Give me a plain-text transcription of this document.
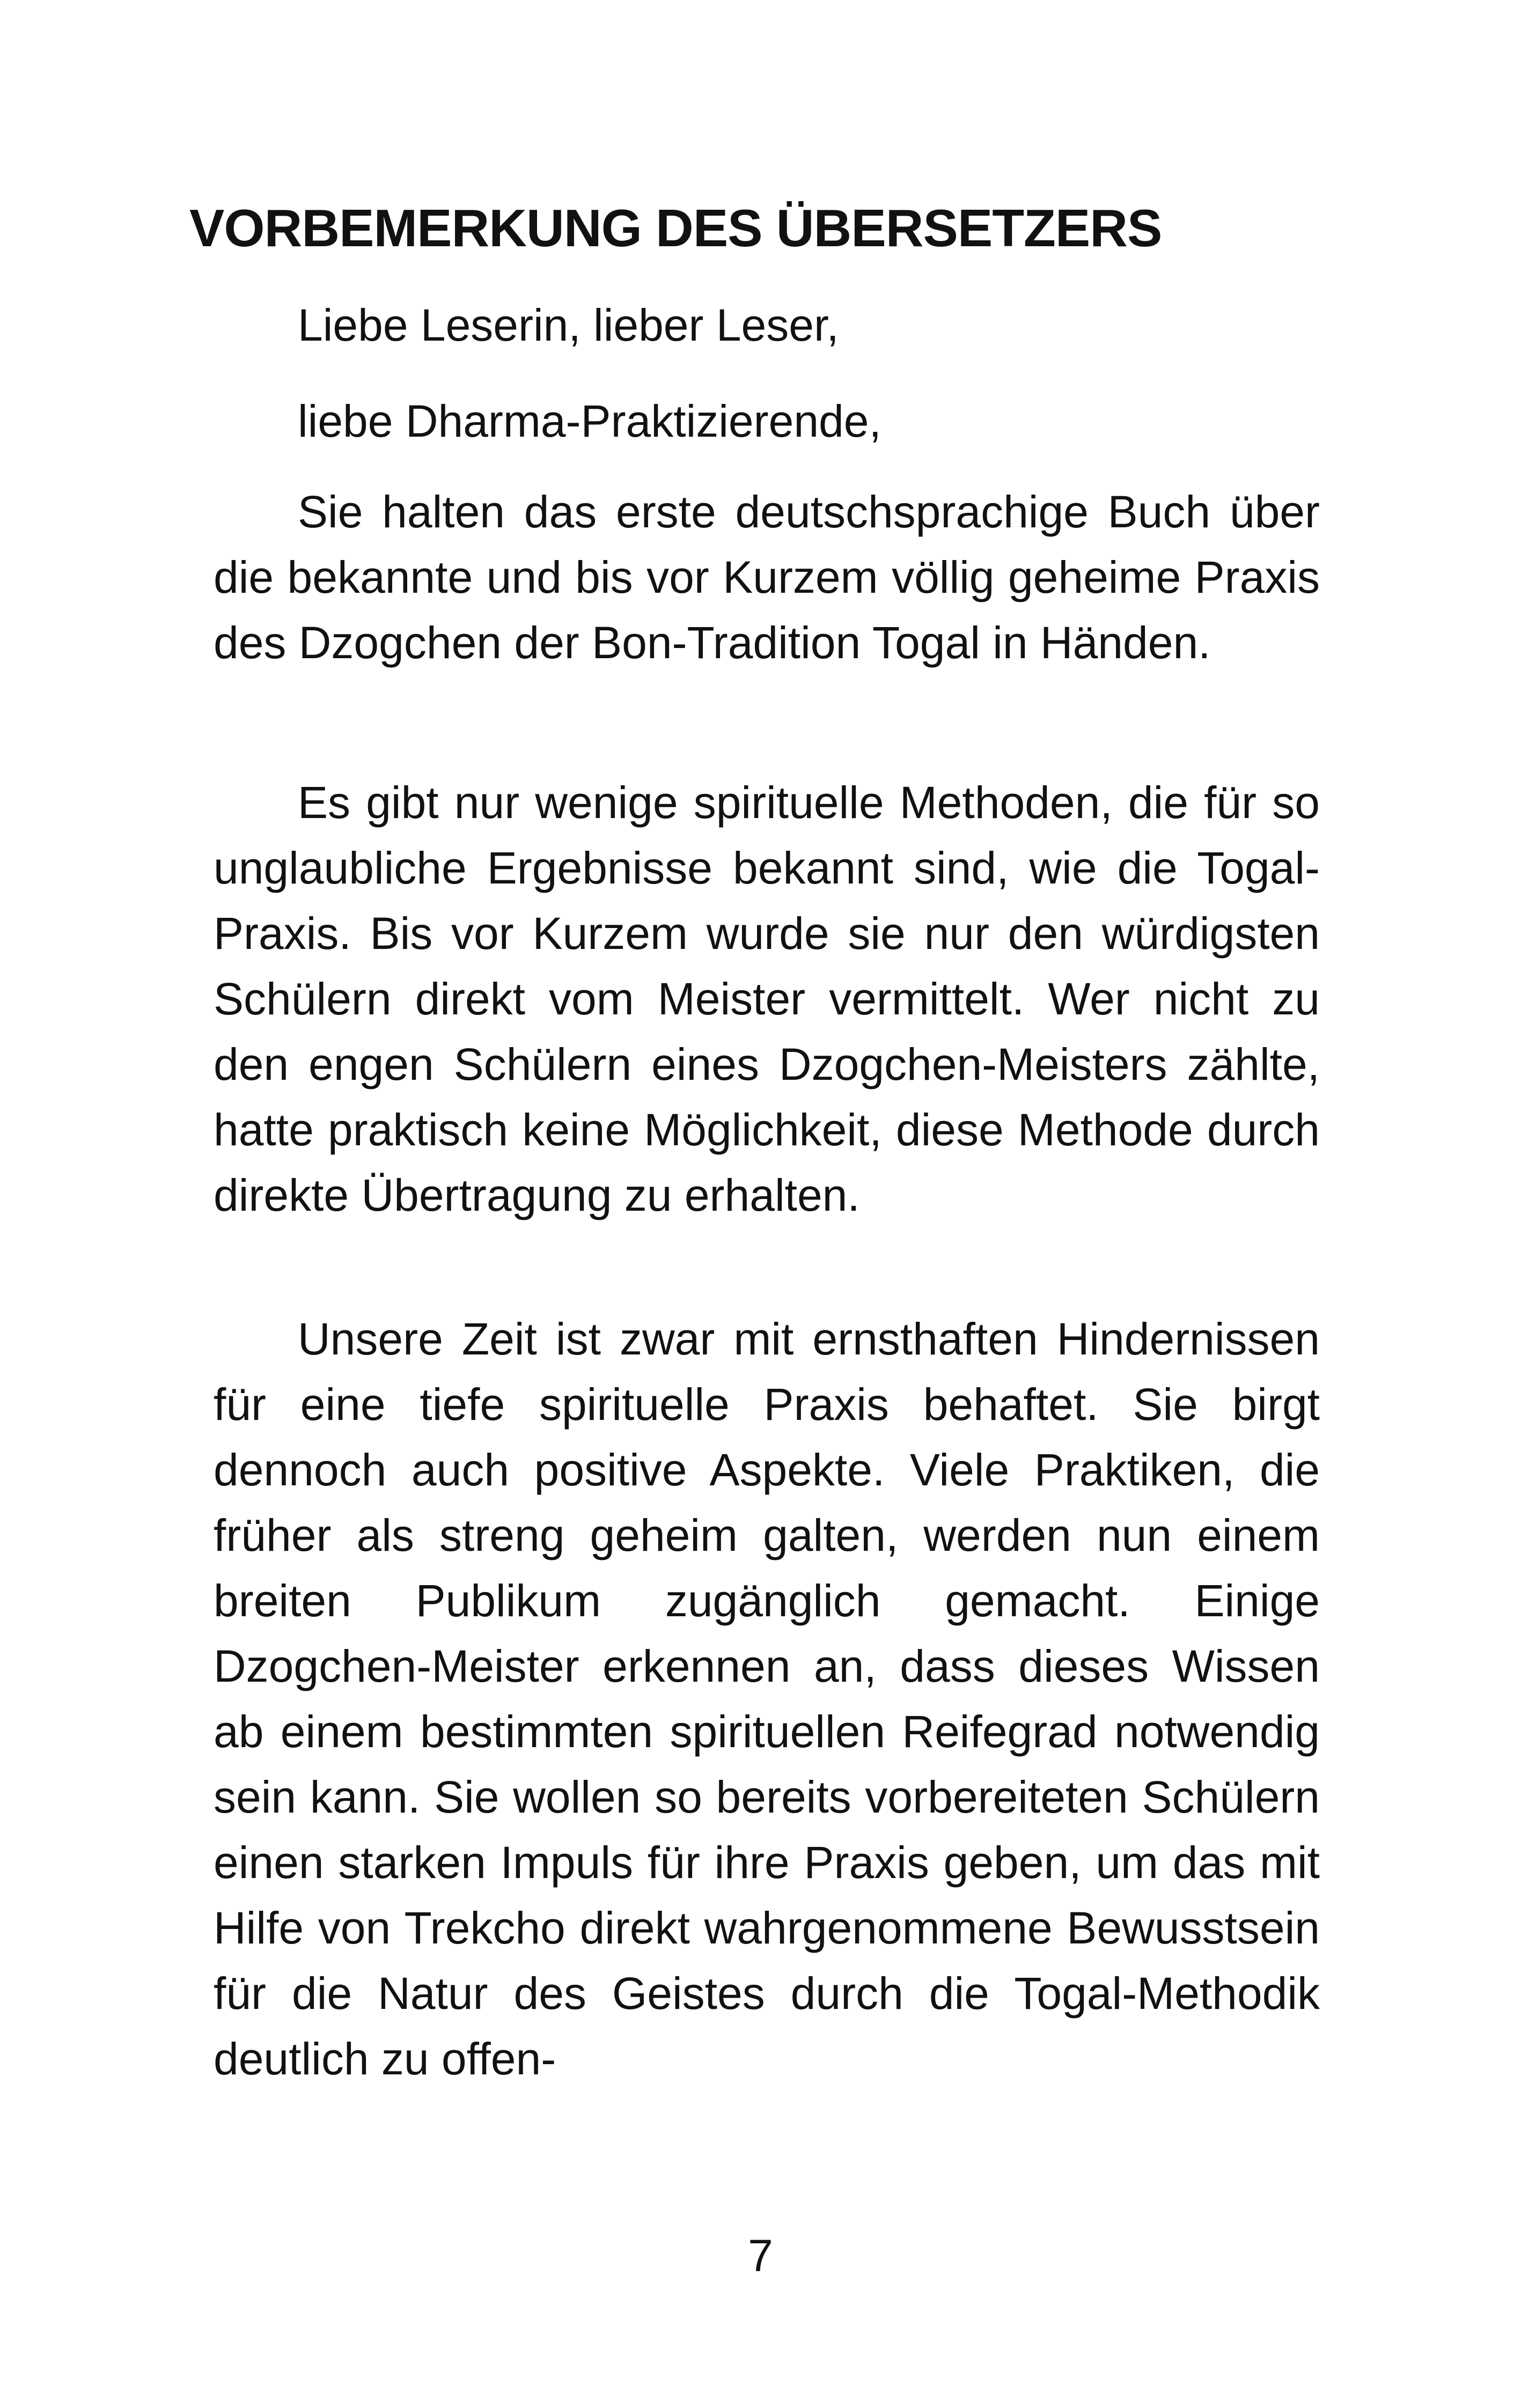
VORBEMERKUNG DES ÜBERSETZERS

Liebe Leserin, lieber Leser,

liebe Dharma-Praktizierende,

Sie halten das erste deutschsprachige Buch über die bekannte und bis vor Kurzem völlig geheime Praxis des Dzogchen der Bon-Tradition Togal in Händen.

Es gibt nur wenige spirituelle Methoden, die für so unglaubliche Ergebnisse bekannt sind, wie die Togal-Praxis. Bis vor Kurzem wurde sie nur den würdigsten Schülern direkt vom Meister vermittelt. Wer nicht zu den engen Schülern eines Dzogchen-Meisters zählte, hatte praktisch keine Möglichkeit, diese Methode durch direkte Übertragung zu erhalten.

Unsere Zeit ist zwar mit ernsthaften Hindernissen für eine tiefe spirituelle Praxis behaftet. Sie birgt dennoch auch positive Aspekte. Viele Praktiken, die früher als streng geheim galten, werden nun einem breiten Publikum zugänglich gemacht. Einige Dzogchen-Meister erkennen an, dass dieses Wissen ab einem bestimmten spirituellen Reifegrad notwendig sein kann. Sie wollen so bereits vorbereiteten Schülern einen starken Impuls für ihre Praxis geben, um das mit Hilfe von Trekcho direkt wahrgenommene Bewusstsein für die Natur des Geistes durch die Togal-Methodik deutlich zu offen-

7
